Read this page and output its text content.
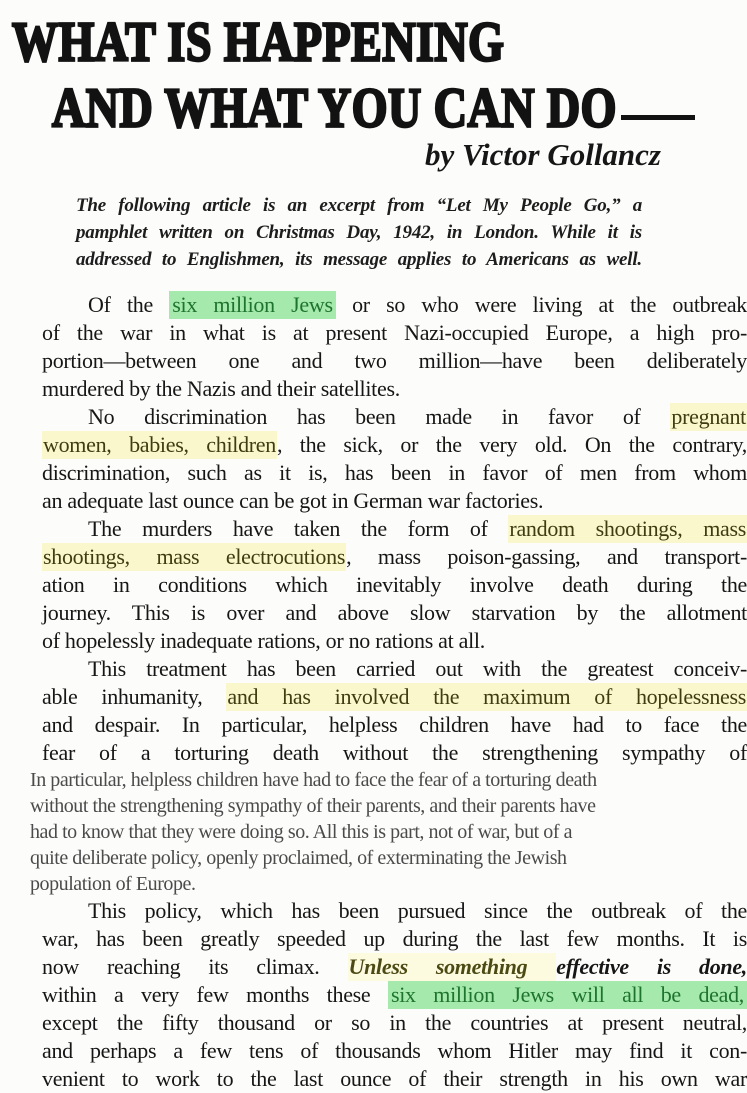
WHAT IS HAPPENING
AND WHAT YOU CAN DO
by Victor Gollancz
The following article is an excerpt from “Let My People Go,” a
pamphlet written on Christmas Day, 1942, in London. While it is
addressed to Englishmen, its message applies to Americans as well.
Of the six million Jews or so who were living at the outbreak
of the war in what is at present Nazi-occupied Europe, a high pro-
portion—between one and two million—have been deliberately
murdered by the Nazis and their satellites.
No discrimination has been made in favor of pregnant
women, babies, children, the sick, or the very old. On the contrary,
discrimination, such as it is, has been in favor of men from whom
an adequate last ounce can be got in German war factories.
The murders have taken the form of random shootings, mass
shootings, mass electrocutions, mass poison-gassing, and transport-
ation in conditions which inevitably involve death during the
journey. This is over and above slow starvation by the allotment
of hopelessly inadequate rations, or no rations at all.
This treatment has been carried out with the greatest conceiv-
able inhumanity, and has involved the maximum of hopelessness
and despair. In particular, helpless children have had to face the
fear of a torturing death without the strengthening sympathy of
In particular, helpless children have had to face the fear of a torturing death
without the strengthening sympathy of their parents, and their parents have
had to know that they were doing so. All this is part, not of war, but of a
quite deliberate policy, openly proclaimed, of exterminating the Jewish
population of Europe.
This policy, which has been pursued since the outbreak of the
war, has been greatly speeded up during the last few months. It is
now reaching its climax. Unless something effective is done,
within a very few months these six million Jews will all be dead,
except the fifty thousand or so in the countries at present neutral,
and perhaps a few tens of thousands whom Hitler may find it con-
venient to work to the last ounce of their strength in his own war
